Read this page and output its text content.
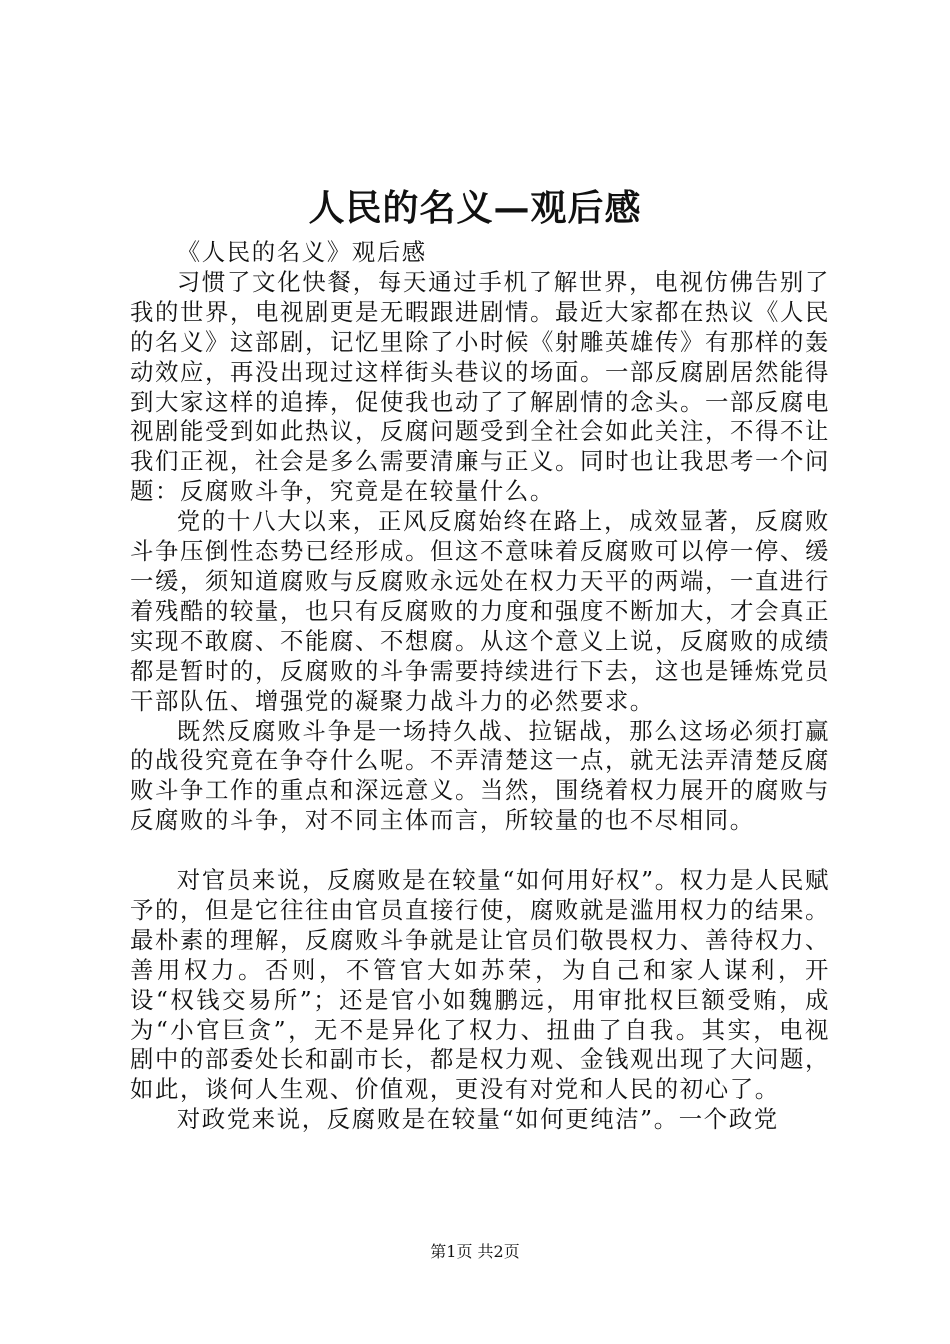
人民的名义—观后感

《人民的名义》观后感

习惯了文化快餐，每天通过手机了解世界，电视仿佛告别了我的世界，电视剧更是无暇跟进剧情。最近大家都在热议《人民的名义》这部剧，记忆里除了小时候《射雕英雄传》有那样的轰动效应，再没出现过这样街头巷议的场面。一部反腐剧居然能得到大家这样的追捧，促使我也动了了解剧情的念头。一部反腐电视剧能受到如此热议，反腐问题受到全社会如此关注，不得不让我们正视，社会是多么需要清廉与正义。同时也让我思考一个问题：反腐败斗争，究竟是在较量什么。

党的十八大以来，正风反腐始终在路上，成效显著，反腐败斗争压倒性态势已经形成。但这不意味着反腐败可以停一停、缓一缓，须知道腐败与反腐败永远处在权力天平的两端，一直进行着残酷的较量，也只有反腐败的力度和强度不断加大，才会真正实现不敢腐、不能腐、不想腐。从这个意义上说，反腐败的成绩都是暂时的，反腐败的斗争需要持续进行下去，这也是锤炼党员干部队伍、增强党的凝聚力战斗力的必然要求。

既然反腐败斗争是一场持久战、拉锯战，那么这场必须打赢的战役究竟在争夺什么呢。不弄清楚这一点，就无法弄清楚反腐败斗争工作的重点和深远意义。当然，围绕着权力展开的腐败与反腐败的斗争，对不同主体而言，所较量的也不尽相同。

对官员来说，反腐败是在较量“如何用好权”。权力是人民赋予的，但是它往往由官员直接行使，腐败就是滥用权力的结果。最朴素的理解，反腐败斗争就是让官员们敬畏权力、善待权力、善用权力。否则，不管官大如苏荣，为自己和家人谋利，开设“权钱交易所”；还是官小如魏鹏远，用审批权巨额受贿，成为“小官巨贪”，无不是异化了权力、扭曲了自我。其实，电视剧中的部委处长和副市长，都是权力观、金钱观出现了大问题，如此，谈何人生观、价值观，更没有对党和人民的初心了。

对政党来说，反腐败是在较量“如何更纯洁”。一个政党

第1页 共2页
